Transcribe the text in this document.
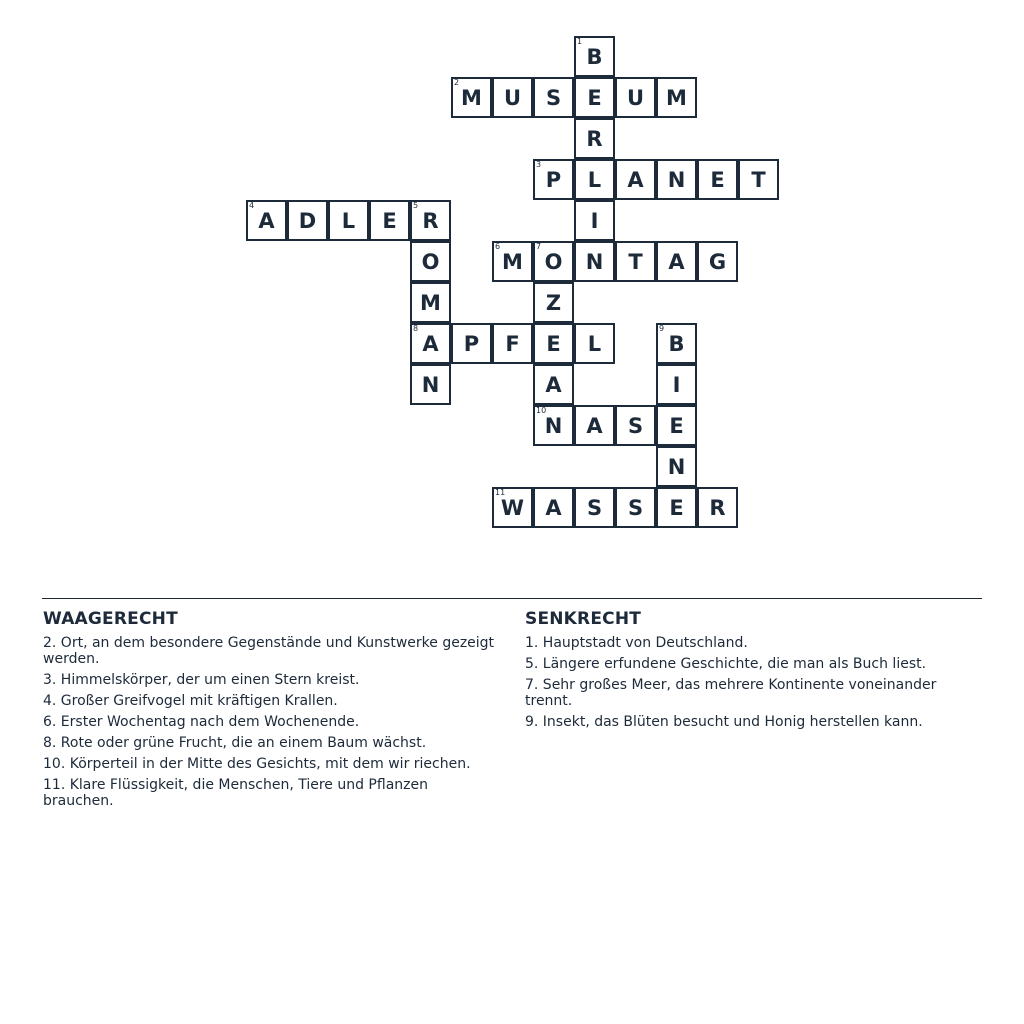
1
B
2
M	U	S	E	U	M
R
3
P	L	A	N	E	T
4
A	D	L	E
5
R	I
O
6
M
7
O	N	T	A	G
M	Z
8
A	P	F	E	L
9
B
N	A	I
10
N	A	S	E
N
11
W	A	S	S	E	R
WAAGERECHT
2. Ort, an dem besondere Gegenstände und Kunstwerke gezeigt werden.
3. Himmelskörper, der um einen Stern kreist.
4. Großer Greifvogel mit kräftigen Krallen.
6. Erster Wochentag nach dem Wochenende.
8. Rote oder grüne Frucht, die an einem Baum wächst.
10. Körperteil in der Mitte des Gesichts, mit dem wir riechen.
11. Klare Flüssigkeit, die Menschen, Tiere und Pflanzen brauchen.
SENKRECHT
1. Hauptstadt von Deutschland.
5. Längere erfundene Geschichte, die man als Buch liest.
7. Sehr großes Meer, das mehrere Kontinente voneinander trennt.
9. Insekt, das Blüten besucht und Honig herstellen kann.
